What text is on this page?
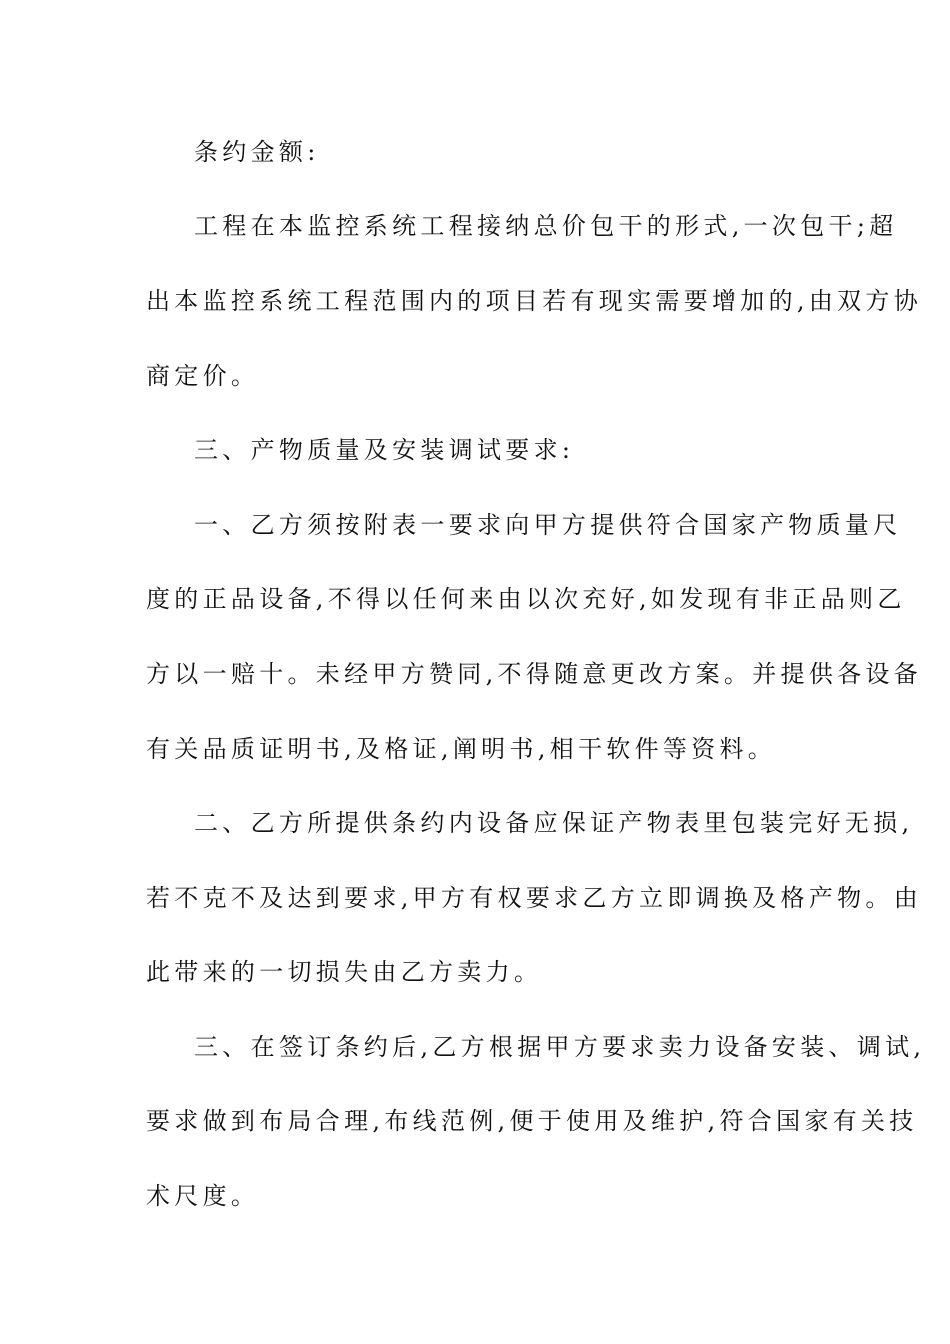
条约金额:
工程在本监控系统工程接纳总价包干的形式,一次包干;超
出本监控系统工程范围内的项目若有现实需要增加的,由双方协
商定价。
三、产物质量及安装调试要求:
一、乙方须按附表一要求向甲方提供符合国家产物质量尺
度的正品设备,不得以任何来由以次充好,如发现有非正品则乙
方以一赔十。未经甲方赞同,不得随意更改方案。并提供各设备
有关品质证明书,及格证,阐明书,相干软件等资料。
二、乙方所提供条约内设备应保证产物表里包装完好无损,
若不克不及达到要求,甲方有权要求乙方立即调换及格产物。由
此带来的一切损失由乙方卖力。
三、在签订条约后,乙方根据甲方要求卖力设备安装、调试,
要求做到布局合理,布线范例,便于使用及维护,符合国家有关技
术尺度。
